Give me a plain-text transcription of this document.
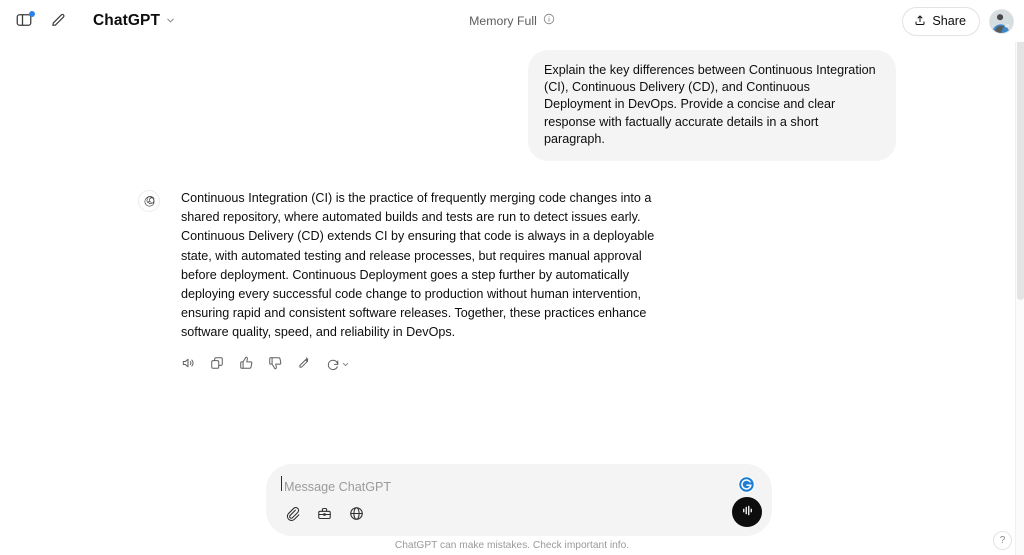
ChatGPT	Memory Full	Share
Explain the key differences between Continuous Integration (CI), Continuous Delivery (CD), and Continuous Deployment in DevOps. Provide a concise and clear response with factually accurate details in a short paragraph.
Continuous Integration (CI) is the practice of frequently merging code changes into a shared repository, where automated builds and tests are run to detect issues early. Continuous Delivery (CD) extends CI by ensuring that code is always in a deployable state, with automated testing and release processes, but requires manual approval before deployment. Continuous Deployment goes a step further by automatically deploying every successful code change to production without human intervention, ensuring rapid and consistent software releases. Together, these practices enhance software quality, speed, and reliability in DevOps.
Message ChatGPT
ChatGPT can make mistakes. Check important info.	?
